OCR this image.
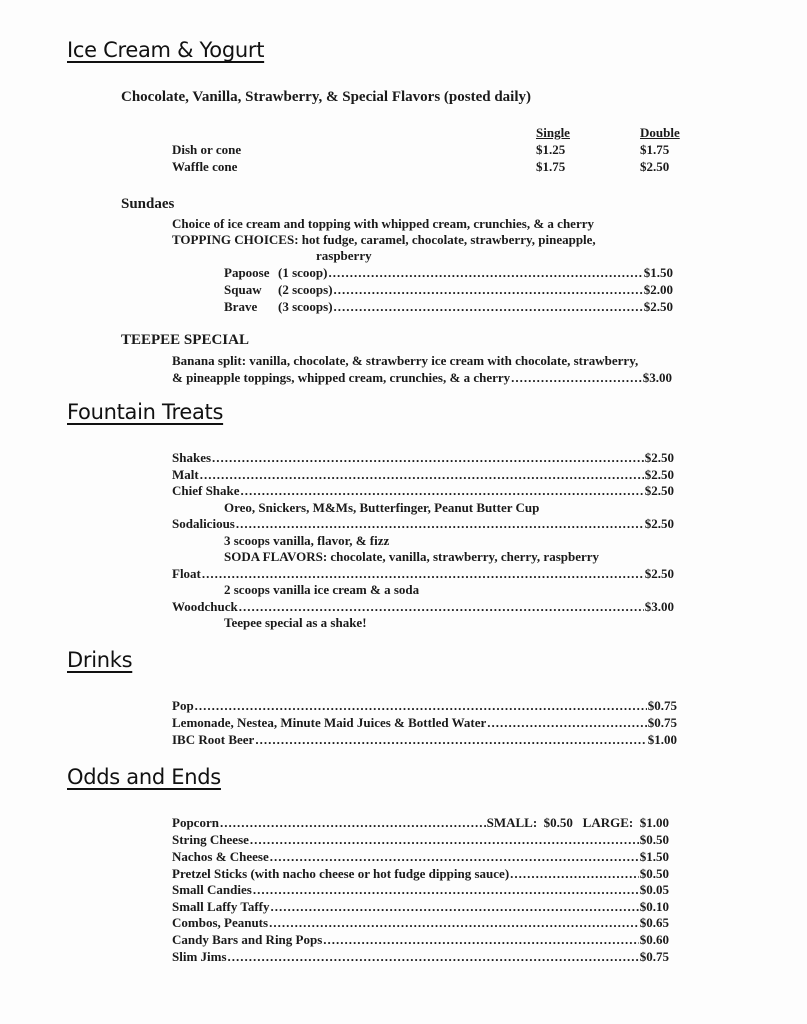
Ice Cream & Yogurt
Chocolate, Vanilla, Strawberry, & Special Flavors (posted daily)
Single	Double
Dish or cone	$1.25	$1.75
Waffle cone	$1.75	$2.50
Sundaes
Choice of ice cream and topping with whipped cream, crunchies, & a cherry
TOPPING CHOICES: hot fudge, caramel, chocolate, strawberry, pineapple,
raspberry
Papoose (1 scoop) .....	$1.50
Squaw	(2 scoops) .....	$2.00
Brave	(3 scoops) .....	$2.50
TEEPEE SPECIAL
Banana split: vanilla, chocolate, & strawberry ice cream with chocolate, strawberry,
& pineapple toppings, whipped cream, crunchies, & a cherry .....	$3.00
Fountain Treats
Shakes .....	$2.50
Malt .....	$2.50
Chief Shake .....	$2.50
Oreo, Snickers, M&Ms, Butterfinger, Peanut Butter Cup
Sodalicious .....	$2.50
3 scoops vanilla, flavor, & fizz
SODA FLAVORS: chocolate, vanilla, strawberry, cherry, raspberry
Float .....	$2.50
2 scoops vanilla ice cream & a soda
Woodchuck .....	$3.00
Teepee special as a shake!
Drinks
Pop .....	$0.75
Lemonade, Nestea, Minute Maid Juices & Bottled Water .....	$0.75
IBC Root Beer .....	$1.00
Odds and Ends
Popcorn .....	SMALL:  $0.50   LARGE:  $1.00
String Cheese .....	$0.50
Nachos & Cheese .....	$1.50
Pretzel Sticks (with nacho cheese or hot fudge dipping sauce) .....	$0.50
Small Candies .....	$0.05
Small Laffy Taffy .....	$0.10
Combos, Peanuts .....	$0.65
Candy Bars and Ring Pops .....	$0.60
Slim Jims .....	$0.75
